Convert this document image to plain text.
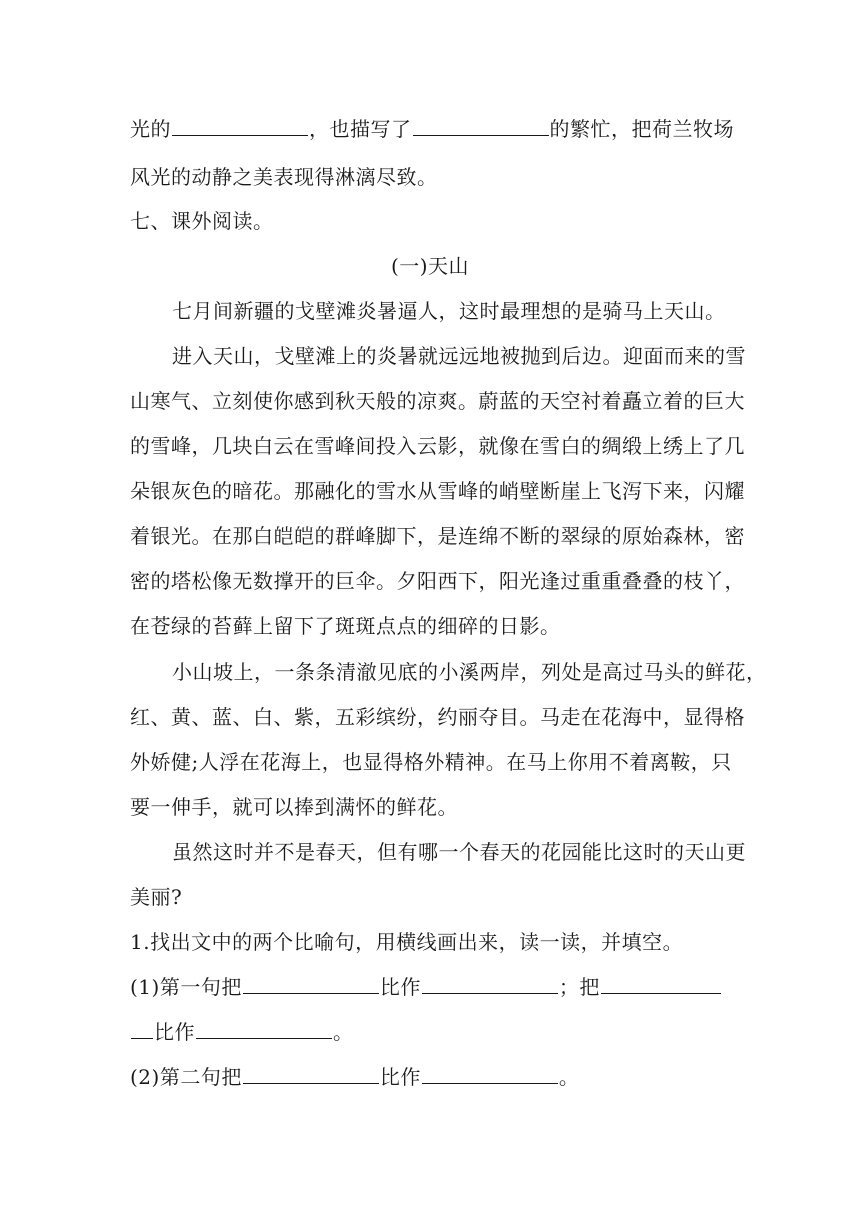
光的	，也描写了	的繁忙，把荷兰牧场
风光的动静之美表现得淋漓尽致。
七、课外阅读。
(一)天山
七月间新疆的戈壁滩炎暑逼人，这时最理想的是骑马上天山。
进入天山，戈壁滩上的炎暑就远远地被抛到后边。迎面而来的雪
山寒气、立刻使你感到秋天般的凉爽。蔚蓝的天空衬着矗立着的巨大
的雪峰，几块白云在雪峰间投入云影，就像在雪白的绸缎上绣上了几
朵银灰色的暗花。那融化的雪水从雪峰的峭壁断崖上飞泻下来，闪耀
着银光。在那白皑皑的群峰脚下，是连绵不断的翠绿的原始森林，密
密的塔松像无数撑开的巨伞。夕阳西下，阳光逢过重重叠叠的枝丫，
在苍绿的苔藓上留下了斑斑点点的细碎的日影。
小山坡上，一条条清澈见底的小溪两岸，列处是高过马头的鲜花，
红、黄、蓝、白、紫，五彩缤纷，约丽夺目。马走在花海中，显得格
外娇健;人浮在花海上，也显得格外精神。在马上你用不着离鞍，只
要一伸手，就可以捧到满怀的鲜花。
虽然这时并不是春天，但有哪一个春天的花园能比这时的天山更
美丽?
1.找出文中的两个比喻句，用横线画出来，读一读，并填空。
(1)第一句把	比作	；把
比作	。
(2)第二句把	比作	。
